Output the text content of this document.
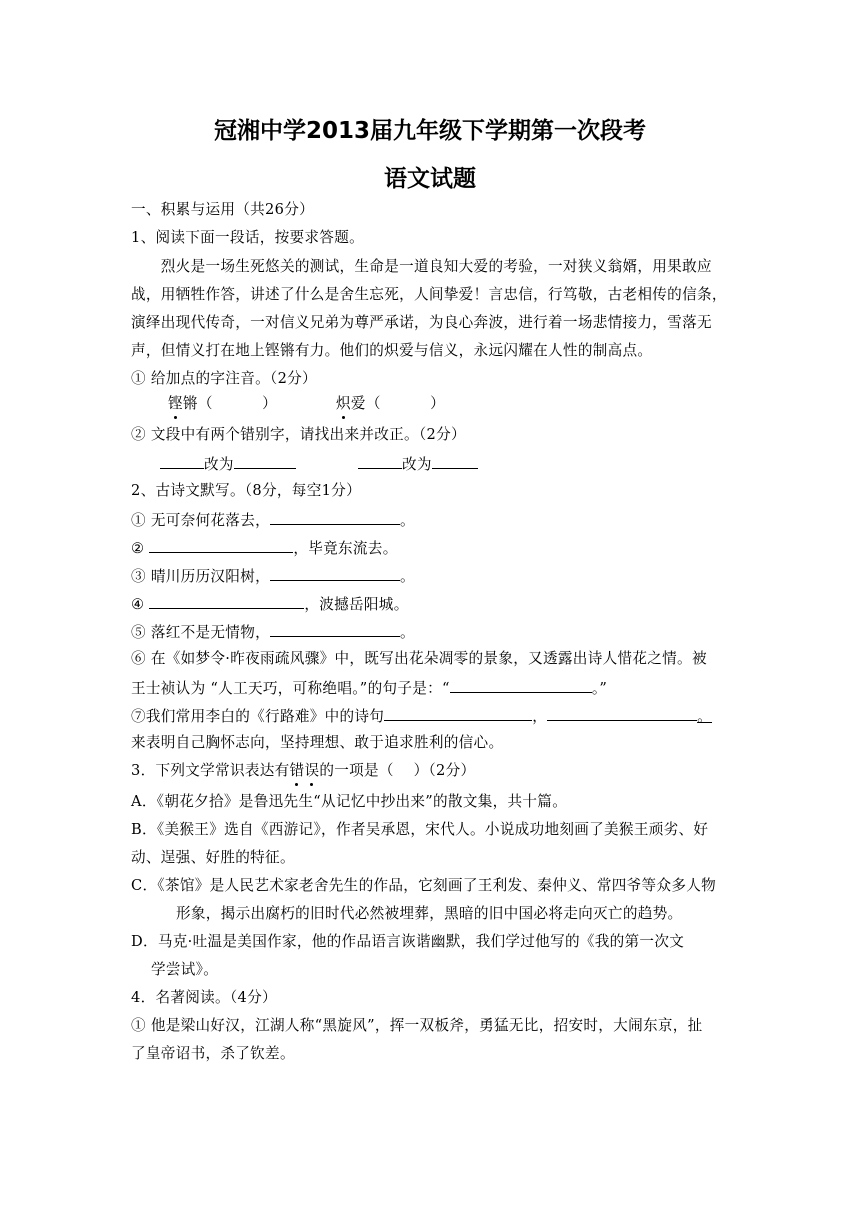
冠湘中学2013届九年级下学期第一次段考
语文试题
一、积累与运用（共26分）
1、阅读下面一段话，按要求答题。
　　烈火是一场生死悠关的测试，生命是一道良知大爱的考验，一对狭义翁婿，用果敢应
战，用牺牲作答，讲述了什么是舍生忘死，人间挚爱！言忠信，行笃敬，古老相传的信条，
演绎出现代传奇，一对信义兄弟为尊严承诺，为良心奔波，进行着一场悲情接力，雪落无
声，但情义打在地上铿锵有力。他们的炽爱与信义，永远闪耀在人性的制高点。
① 给加点的字注音。（2分）
铿锵（          ）	炽爱（          ）
② 文段中有两个错别字，请找出来并改正。（2分）
改为	改为
2、古诗文默写。（8分，每空1分）
① 无可奈何花落去，	。
②	，毕竟东流去。
③ 晴川历历汉阳树，	。
④	，波撼岳阳城。
⑤ 落红不是无情物，	。
⑥ 在《如梦令·昨夜雨疏风骤》中，既写出花朵凋零的景象，又透露出诗人惜花之情。被
王士祯认为 “人工天巧，可称绝唱。”的句子是：“	。”
⑦我们常用李白的《行路难》中的诗句	，	。
来表明自己胸怀志向，坚持理想、敢于追求胜利的信心。
3．下列文学常识表达有错误的一项是（    ）（2分）
A．《朝花夕拾》是鲁迅先生“从记忆中抄出来”的散文集，共十篇。
B．《美猴王》选自《西游记》，作者吴承恩，宋代人。小说成功地刻画了美猴王顽劣、好
动、逞强、好胜的特征。
C．《茶馆》是人民艺术家老舍先生的作品，它刻画了王利发、秦仲义、常四爷等众多人物
形象，揭示出腐朽的旧时代必然被埋葬，黑暗的旧中国必将走向灭亡的趋势。
D．马克·吐温是美国作家，他的作品语言诙谐幽默，我们学过他写的《我的第一次文
学尝试》。
4．名著阅读。（4分）
① 他是梁山好汉，江湖人称“黑旋风”，挥一双板斧，勇猛无比，招安时，大闹东京，扯
了皇帝诏书，杀了钦差。
